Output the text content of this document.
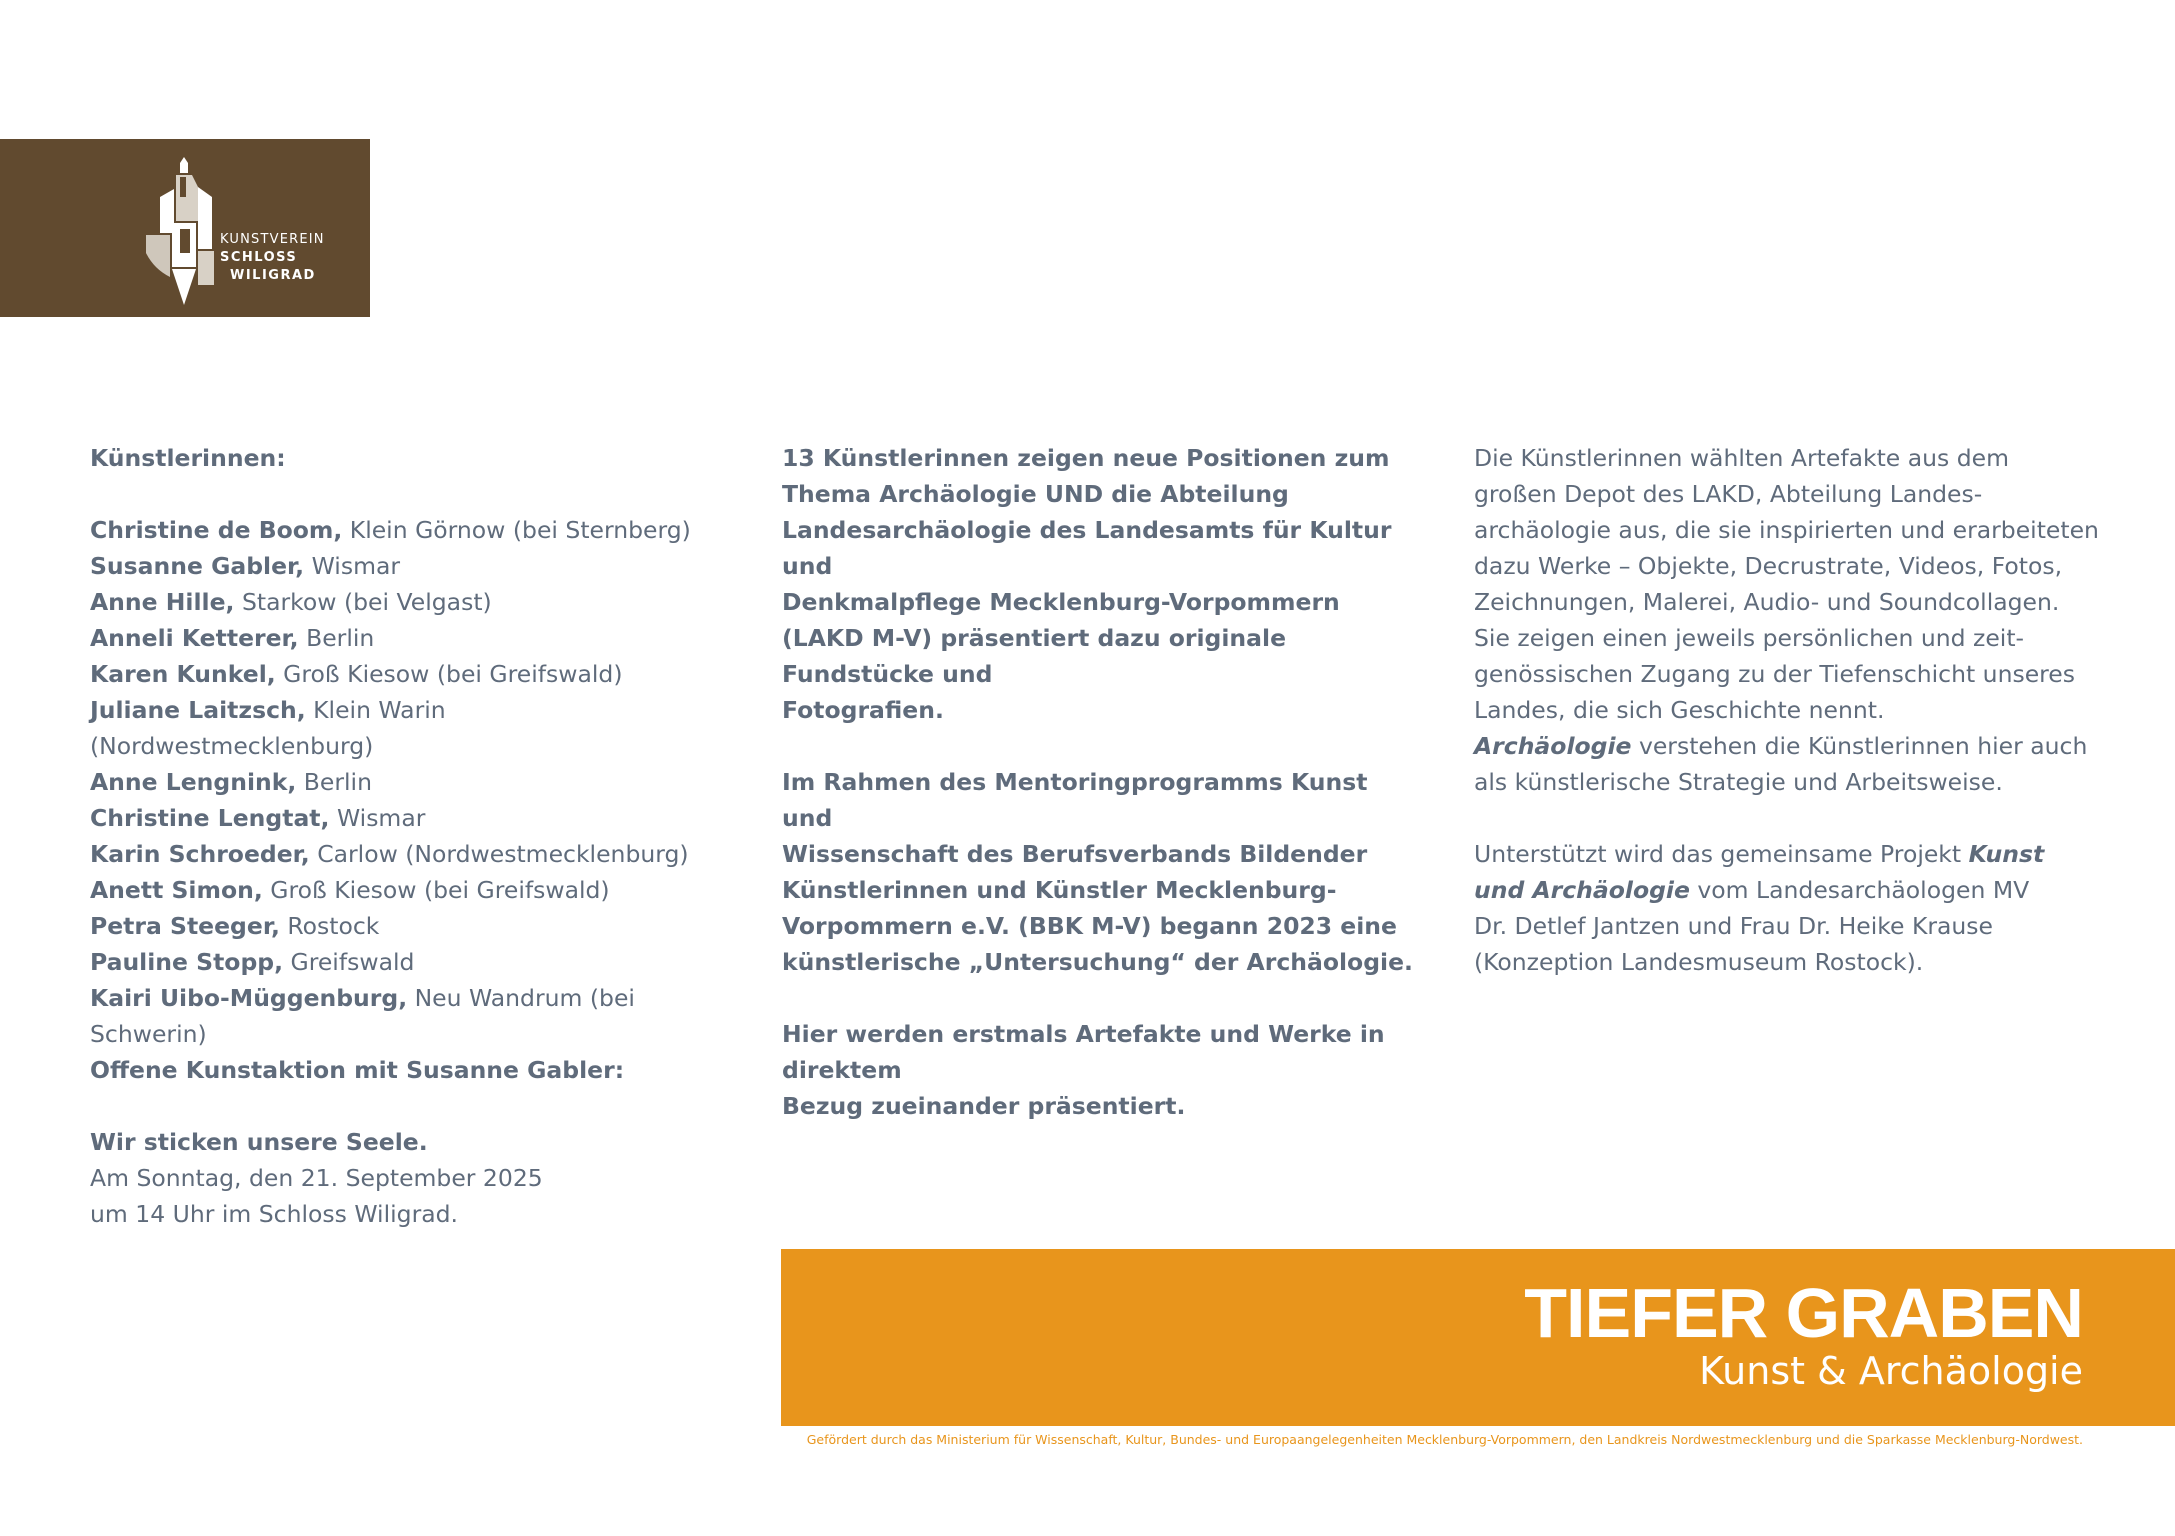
KUNSTVEREIN
SCHLOSS
WILIGRAD

Künstlerinnen:

Christine de Boom, Klein Görnow (bei Sternberg)

Susanne Gabler, Wismar

Anne Hille, Starkow (bei Velgast)

Anneli Ketterer, Berlin

Karen Kunkel, Groß Kiesow (bei Greifswald)

Juliane Laitzsch, Klein Warin (Nordwestmecklenburg)

Anne Lengnink, Berlin

Christine Lengtat, Wismar

Karin Schroeder, Carlow (Nordwestmecklenburg)

Anett Simon, Groß Kiesow (bei Greifswald)

Petra Steeger, Rostock

Pauline Stopp, Greifswald

Kairi Uibo-Müggenburg, Neu Wandrum (bei Schwerin)

Offene Kunstaktion mit Susanne Gabler:

Wir sticken unsere Seele.

Am Sonntag, den 21. September 2025

um 14 Uhr im Schloss Wiligrad.

13 Künstlerinnen zeigen neue Positionen zum

Thema Archäologie UND die Abteilung

Landesarchäologie des Landesamts für Kultur und

Denkmalpflege Mecklenburg-Vorpommern

(LAKD M-V) präsentiert dazu originale Fundstücke und

Fotografien.

Im Rahmen des Mentoringprogramms Kunst und

Wissenschaft des Berufsverbands Bildender

Künstlerinnen und Künstler Mecklenburg-

Vorpommern e.V. (BBK M-V) begann 2023 eine

künstlerische „Untersuchung“ der Archäologie.

Hier werden erstmals Artefakte und Werke in direktem

Bezug zueinander präsentiert.

Die Künstlerinnen wählten Artefakte aus dem

großen Depot des LAKD, Abteilung Landes-

archäologie aus, die sie inspirierten und erarbeiteten

dazu Werke – Objekte, Decrustrate, Videos, Fotos,

Zeichnungen, Malerei, Audio- und Soundcollagen.

Sie zeigen einen jeweils persönlichen und zeit-

genössischen Zugang zu der Tiefenschicht unseres

Landes, die sich Geschichte nennt.

Archäologie verstehen die Künstlerinnen hier auch

als künstlerische Strategie und Arbeitsweise.

Unterstützt wird das gemeinsame Projekt Kunst

und Archäologie vom Landesarchäologen MV

Dr. Detlef Jantzen und Frau Dr. Heike Krause

(Konzeption Landesmuseum Rostock).

TIEFER GRABEN
Kunst & Archäologie
Gefördert durch das Ministerium für Wissenschaft, Kultur, Bundes- und Europaangelegenheiten Mecklenburg-Vorpommern, den Landkreis Nordwestmecklenburg und die Sparkasse Mecklenburg-Nordwest.
